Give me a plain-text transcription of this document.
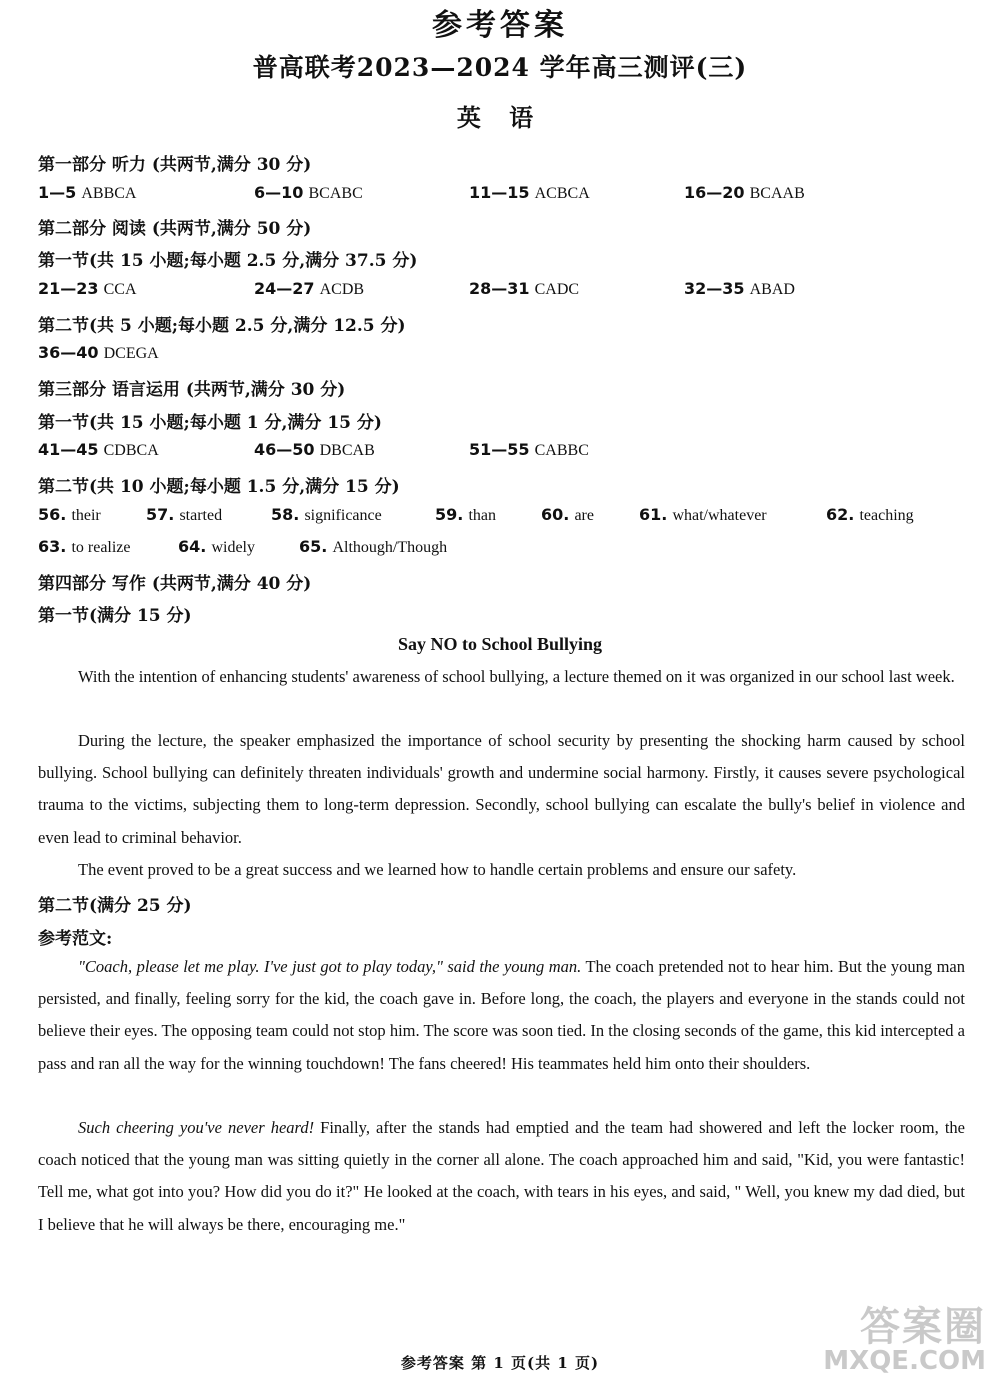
参考答案
普高联考2023—2024 学年高三测评(三)
英 语
第一部分 听力 (共两节,满分 30 分)
1—5 ABBCA	6—10 BCABC	11—15 ACBCA	16—20 BCAAB
第二部分 阅读 (共两节,满分 50 分)
第一节(共 15 小题;每小题 2.5 分,满分 37.5 分)
21—23 CCA	24—27 ACDB	28—31 CADC	32—35 ABAD
第二节(共 5 小题;每小题 2.5 分,满分 12.5 分)
36—40 DCEGA
第三部分 语言运用 (共两节,满分 30 分)
第一节(共 15 小题;每小题 1 分,满分 15 分)
41—45 CDBCA	46—50 DBCAB	51—55 CABBC
第二节(共 10 小题;每小题 1.5 分,满分 15 分)
56. their	57. started	58. significance	59. than	60. are	61. what/whatever	62. teaching
63. to realize	64. widely	65. Although/Though
第四部分 写作 (共两节,满分 40 分)
第一节(满分 15 分)
Say NO to School Bullying

With the intention of enhancing students' awareness of school bullying, a lecture themed on it was organized in our school last week.

During the lecture, the speaker emphasized the importance of school security by presenting the shocking harm caused by school bullying. School bullying can definitely threaten individuals' growth and undermine social harmony. Firstly, it causes severe psychological trauma to the victims, subjecting them to long-term depression. Secondly, school bullying can escalate the bully's belief in violence and even lead to criminal behavior.

The event proved to be a great success and we learned how to handle certain problems and ensure our safety.

第二节(满分 25 分)
参考范文:

"Coach, please let me play. I've just got to play today," said the young man. The coach pretended not to hear him. But the young man persisted, and finally, feeling sorry for the kid, the coach gave in. Before long, the coach, the players and everyone in the stands could not believe their eyes. The opposing team could not stop him. The score was soon tied. In the closing seconds of the game, this kid intercepted a pass and ran all the way for the winning touchdown! The fans cheered! His teammates held him onto their shoulders.

Such cheering you've never heard! Finally, after the stands had emptied and the team had showered and left the locker room, the coach noticed that the young man was sitting quietly in the corner all alone. The coach approached him and said, "Kid, you were fantastic! Tell me, what got into you? How did you do it?" He looked at the coach, with tears in his eyes, and said, " Well, you knew my dad died, but I believe that he will always be there, encouraging me."

参考答案 第 1 页(共 1 页)
答案圈
MXQE.COM
